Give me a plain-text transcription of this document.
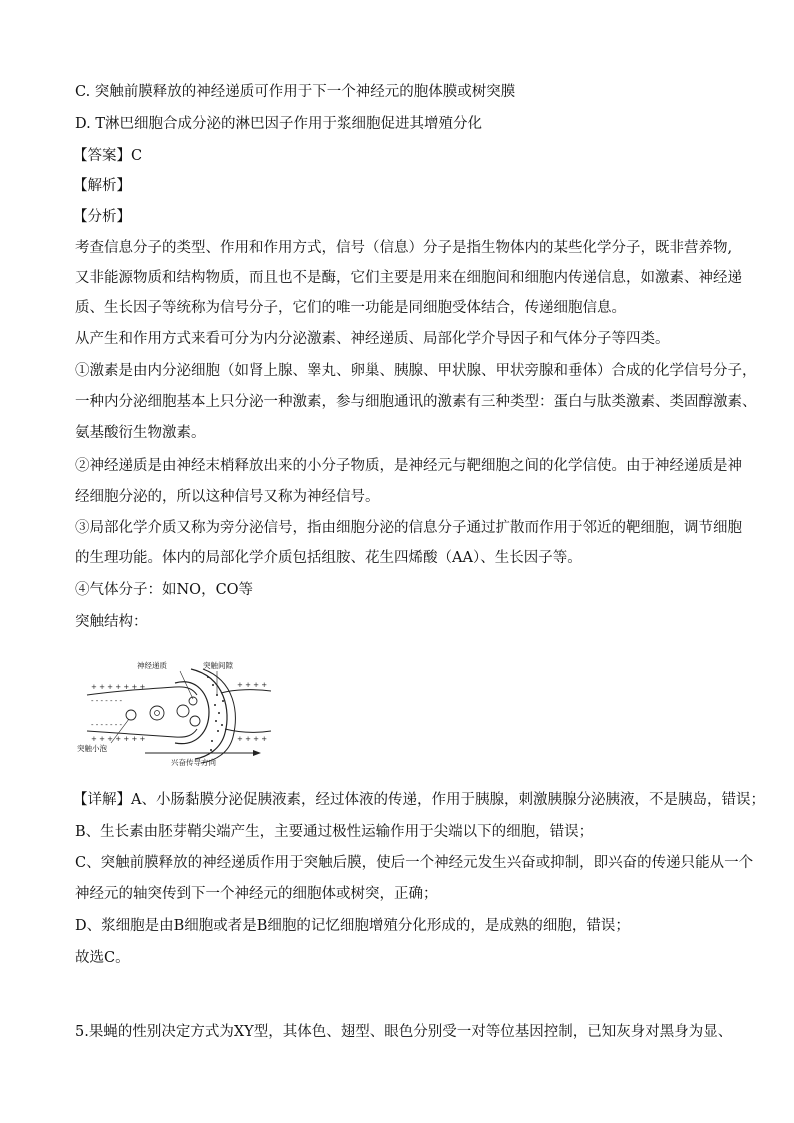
C. 突触前膜释放的神经递质可作用于下一个神经元的胞体膜或树突膜
D. T淋巴细胞合成分泌的淋巴因子作用于浆细胞促进其增殖分化
【答案】C
【解析】
【分析】
考查信息分子的类型、作用和作用方式，信号（信息）分子是指生物体内的某些化学分子，既非营养物,
又非能源物质和结构物质，而且也不是酶，它们主要是用来在细胞间和细胞内传递信息，如激素、神经递
质、生长因子等统称为信号分子，它们的唯一功能是同细胞受体结合，传递细胞信息。
从产生和作用方式来看可分为内分泌激素、神经递质、局部化学介导因子和气体分子等四类。
①激素是由内分泌细胞（如肾上腺、睾丸、卵巢、胰腺、甲状腺、甲状旁腺和垂体）合成的化学信号分子，
一种内分泌细胞基本上只分泌一种激素，参与细胞通讯的激素有三种类型：蛋白与肽类激素、类固醇激素、
氨基酸衍生物激素。
②神经递质是由神经末梢释放出来的小分子物质，是神经元与靶细胞之间的化学信使。由于神经递质是神
经细胞分泌的，所以这种信号又称为神经信号。
③局部化学介质又称为旁分泌信号，指由细胞分泌的信息分子通过扩散而作用于邻近的靶细胞，调节细胞
的生理功能。体内的局部化学介质包括组胺、花生四烯酸（AA）、生长因子等。
④气体分子：如NO，CO等
突触结构：
+ + + + + + +
- - - - - - -
- - - - - - -
+ + + + + + +
+ + + +
+ + + +
神经递质	突触间隙
突触小泡
兴奋传导方向
【详解】A、小肠黏膜分泌促胰液素，经过体液的传递，作用于胰腺，刺激胰腺分泌胰液，不是胰岛，错误；
B、生长素由胚芽鞘尖端产生，主要通过极性运输作用于尖端以下的细胞，错误；
C、突触前膜释放的神经递质作用于突触后膜，使后一个神经元发生兴奋或抑制，即兴奋的传递只能从一个
神经元的轴突传到下一个神经元的细胞体或树突，正确；
D、浆细胞是由B细胞或者是B细胞的记忆细胞增殖分化形成的，是成熟的细胞，错误；
故选C。
5.果蝇的性别决定方式为XY型，其体色、翅型、眼色分别受一对等位基因控制，已知灰身对黑身为显、
